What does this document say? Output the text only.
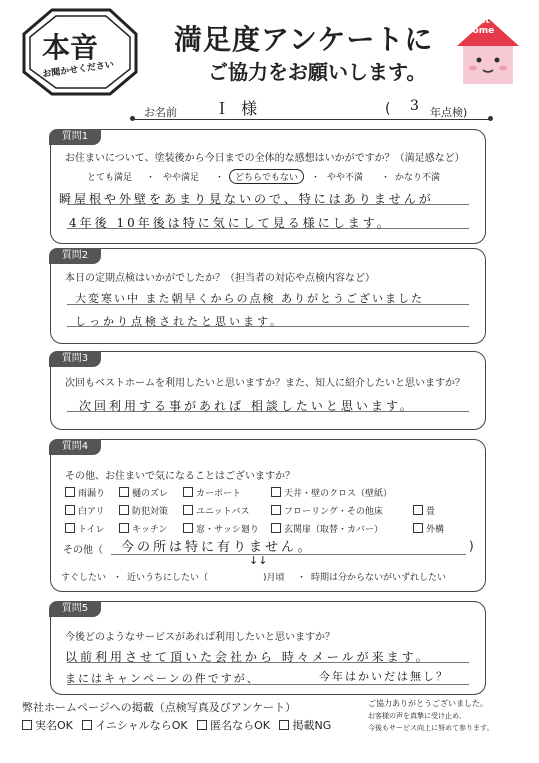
本音
お聞かせください
満足度アンケートに
ご協力をお願いします。
Best
Home
お名前 Ｉ 様	( 3 年点検)
質問1
お住まいについて、塗装後から今日までの全体的な感想はいかがですか？（満足感など）
とても満足 ・ やや満足 ・	どちらでもない	・ やや不満 ・ かなり不満
瞬屋根や外壁をあまり見ないので、特にはありませんが
4年後 10年後は特に気にして見る様にします。
質問2
本日の定期点検はいかがでしたか？（担当者の対応や点検内容など）
大変寒い中 また朝早くからの点検 ありがとうございました
しっかり点検されたと思います。
質問3
次回もベストホームを利用したいと思いますか？また、知人に紹介したいと思いますか？
次回利用する事があれば 相談したいと思います。
質問4
その他、お住まいで気になることはございますか？
雨漏り	樋のズレ	カーポート	天井・壁のクロス（壁紙）
白アリ	防犯対策	ユニットバス	フローリング・その他床	畳
トイレ	キッチン	窓・サッシ廻り	玄関扉（取替・カバー）	外構
その他（ 今の所は特に有りません。	)
↓↓
すぐしたい ・ 近いうちにしたい（	)月頃 ・ 時期は分からないがいずれしたい
質問5
今後どのようなサービスがあれば利用したいと思いますか？
以前利用させて頂いた会社から 時々メールが来ます。
まにはキャンペーンの件ですが、	今年はかいだは無し？
弊社ホームページへの掲載（点検写真及びアンケート）
実名OK イニシャルならOK 匿名ならOK 掲載NG
ご協力ありがとうございました。
お客様の声を真摯に受け止め、
今後もサービス向上に努めて参ります。
